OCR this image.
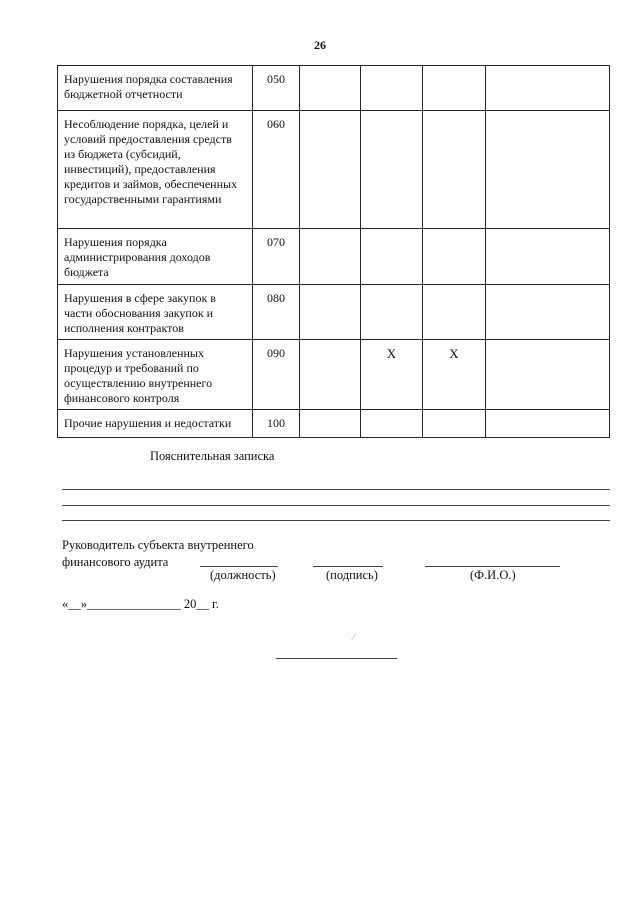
26
Нарушения порядка составления бюджетной отчетности	050				
Несоблюдение порядка, целей и условий предоставления средств из бюджета (субсидий, инвестиций), предоставления кредитов и займов, обеспеченных государственными гарантиями	060				
Нарушения порядка администрирования доходов бюджета	070				
Нарушения в сфере закупок в части обоснования закупок и исполнения контрактов	080				
Нарушения установленных процедур и требований по осуществлению внутреннего финансового контроля	090		X	X	
Прочие нарушения и недостатки	100				
Пояснительная записка
Руководитель субъекта внутреннего финансового аудита
(должность)	(подпись)	(Ф.И.О.)
«__»_______________ 20__ г.
⁄
